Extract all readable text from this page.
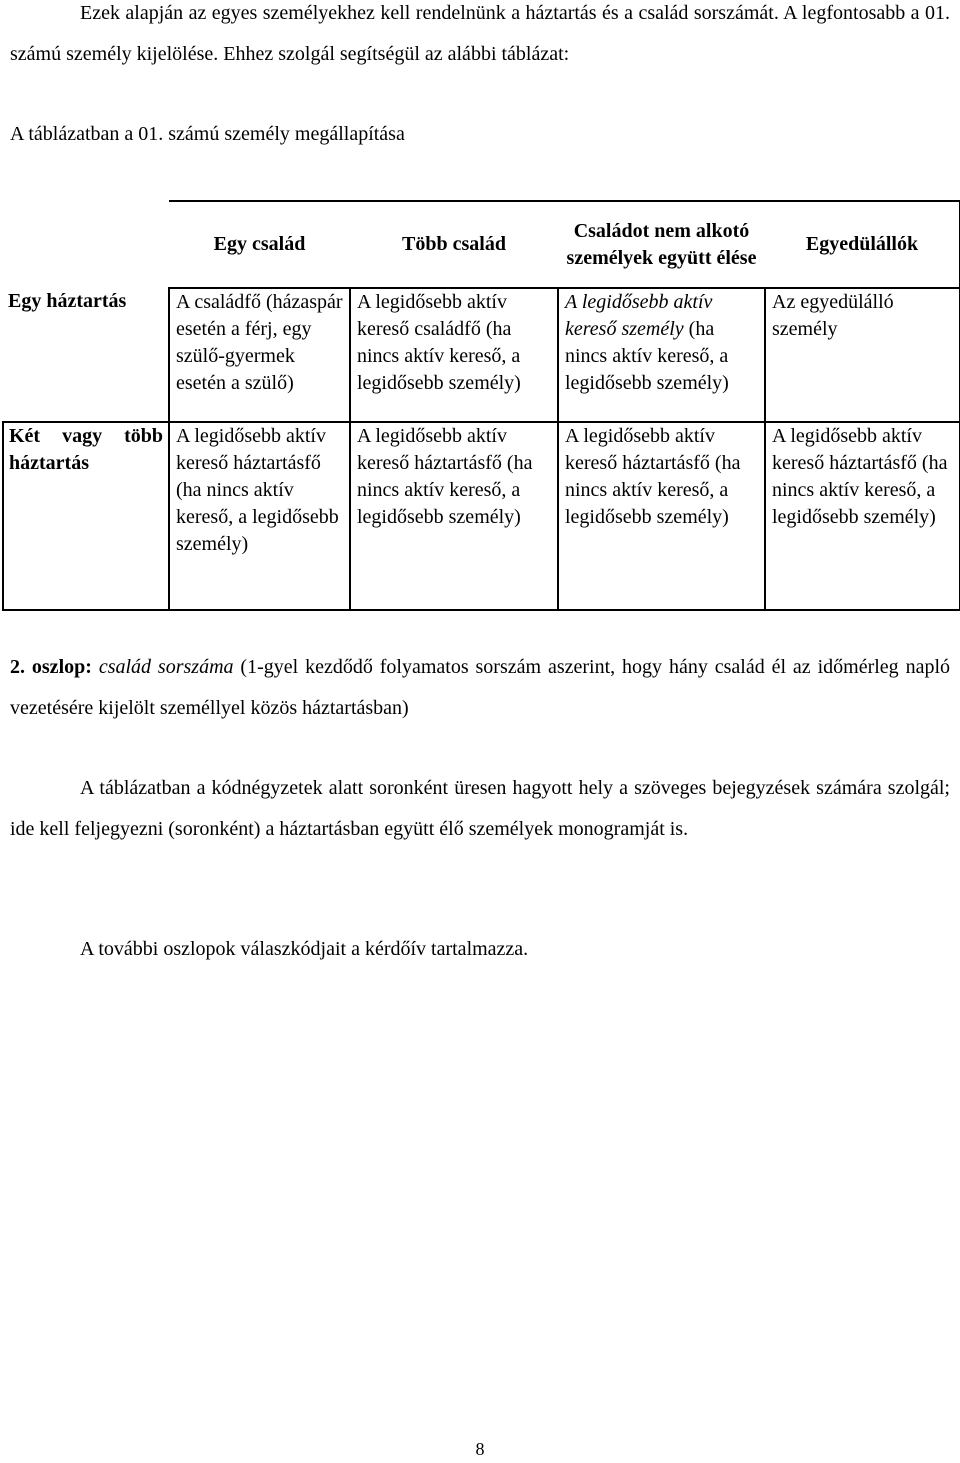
Ezek alapján az egyes személyekhez kell rendelnünk a háztartás és a család sorszámát. A legfontosabb a 01. számú személy kijelölése. Ehhez szolgál segítségül az alábbi táblázat:

A táblázatban a 01. számú személy megállapítása

	Egy család	Több család	Családot nem alkotó személyek együtt élése	Egyedülállók
Egy háztartás	A családfő (házaspár esetén a férj, egy szülő-gyermek esetén a szülő)	A legidősebb aktív kereső családfő (ha nincs aktív kereső, a legidősebb személy)	A legidősebb aktív kereső személy (ha nincs aktív kereső, a legidősebb személy)	Az egyedülálló személy

Két vagy több
háztartás	A legidősebb aktív kereső háztartásfő (ha nincs aktív kereső, a legidősebb személy)	A legidősebb aktív kereső háztartásfő (ha nincs aktív kereső, a legidősebb személy)	A legidősebb aktív kereső háztartásfő (ha nincs aktív kereső, a legidősebb személy)	A legidősebb aktív kereső háztartásfő (ha nincs aktív kereső, a legidősebb személy)

2. oszlop: család sorszáma (1-gyel kezdődő folyamatos sorszám aszerint, hogy hány család él az időmérleg napló vezetésére kijelölt személlyel közös háztartásban)

A táblázatban a kódnégyzetek alatt soronként üresen hagyott hely a szöveges bejegyzések számára szolgál; ide kell feljegyezni (soronként) a háztartásban együtt élő személyek monogramját is.

A további oszlopok válaszkódjait a kérdőív tartalmazza.

8
